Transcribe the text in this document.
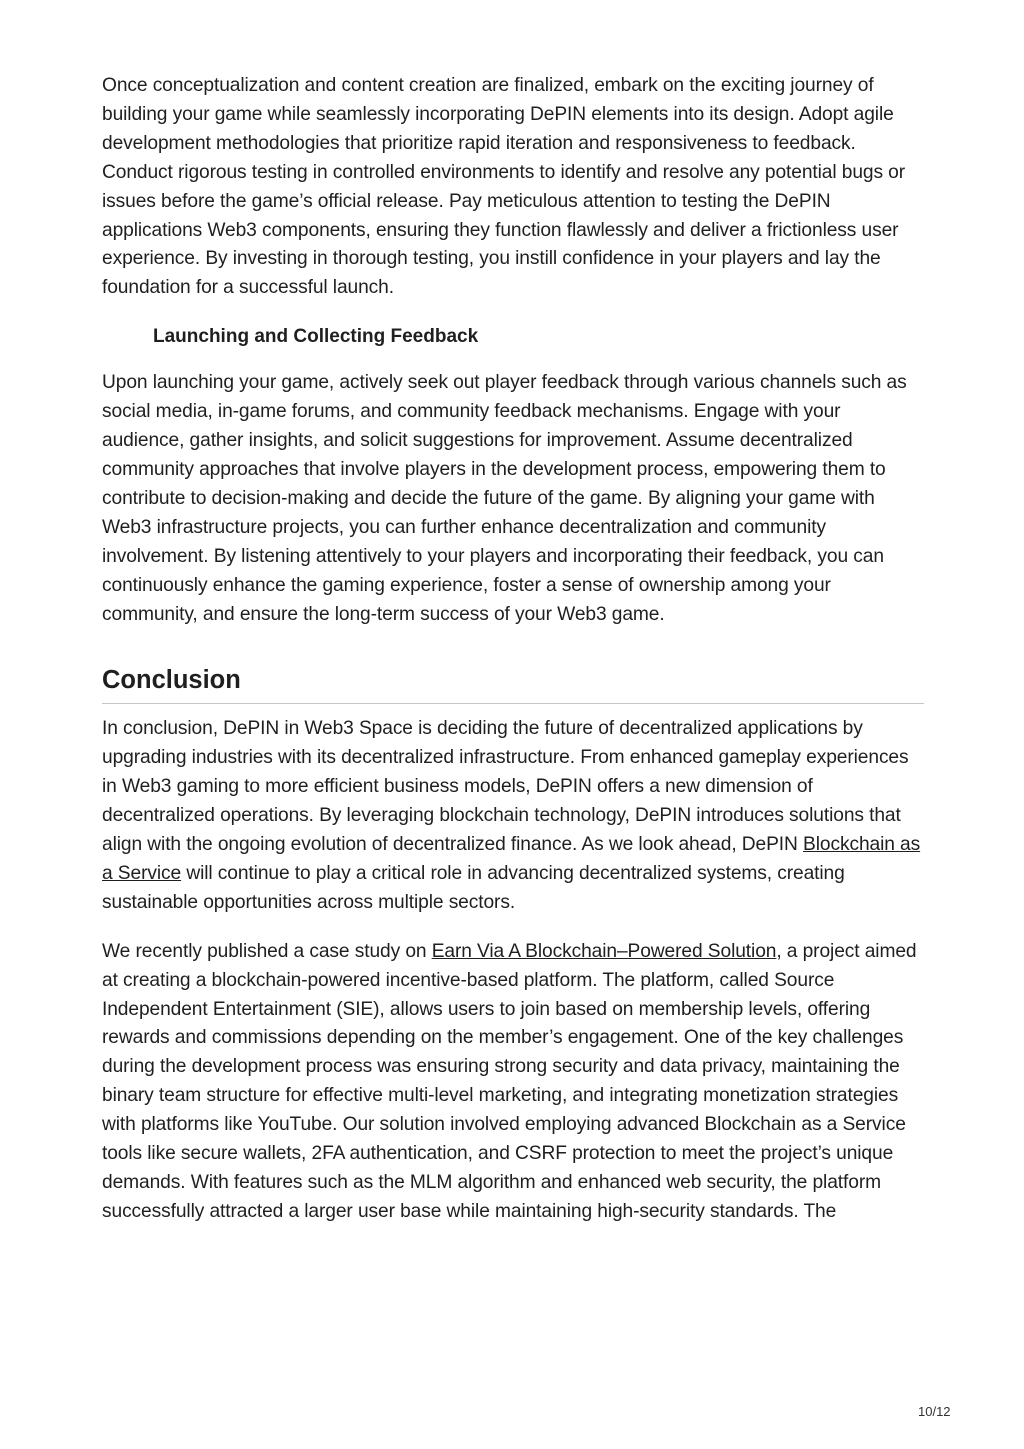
Once conceptualization and content creation are finalized, embark on the exciting journey of building your game while seamlessly incorporating DePIN elements into its design. Adopt agile development methodologies that prioritize rapid iteration and responsiveness to feedback. Conduct rigorous testing in controlled environments to identify and resolve any potential bugs or issues before the game’s official release. Pay meticulous attention to testing the DePIN applications Web3 components, ensuring they function flawlessly and deliver a frictionless user experience. By investing in thorough testing, you instill confidence in your players and lay the foundation for a successful launch.

Launching and Collecting Feedback

Upon launching your game, actively seek out player feedback through various channels such as social media, in-game forums, and community feedback mechanisms. Engage with your audience, gather insights, and solicit suggestions for improvement. Assume decentralized community approaches that involve players in the development process, empowering them to contribute to decision-making and decide the future of the game. By aligning your game with Web3 infrastructure projects, you can further enhance decentralization and community involvement. By listening attentively to your players and incorporating their feedback, you can continuously enhance the gaming experience, foster a sense of ownership among your community, and ensure the long-term success of your Web3 game.

Conclusion

In conclusion, DePIN in Web3 Space is deciding the future of decentralized applications by upgrading industries with its decentralized infrastructure. From enhanced gameplay experiences in Web3 gaming to more efficient business models, DePIN offers a new dimension of decentralized operations. By leveraging blockchain technology, DePIN introduces solutions that align with the ongoing evolution of decentralized finance. As we look ahead, DePIN Blockchain as a Service will continue to play a critical role in advancing decentralized systems, creating sustainable opportunities across multiple sectors.

We recently published a case study on Earn Via A Blockchain–Powered Solution, a project aimed at creating a blockchain-powered incentive-based platform. The platform, called Source Independent Entertainment (SIE), allows users to join based on membership levels, offering rewards and commissions depending on the member’s engagement. One of the key challenges during the development process was ensuring strong security and data privacy, maintaining the binary team structure for effective multi-level marketing, and integrating monetization strategies with platforms like YouTube. Our solution involved employing advanced Blockchain as a Service tools like secure wallets, 2FA authentication, and CSRF protection to meet the project’s unique demands. With features such as the MLM algorithm and enhanced web security, the platform successfully attracted a larger user base while maintaining high-security standards. The

10/12
